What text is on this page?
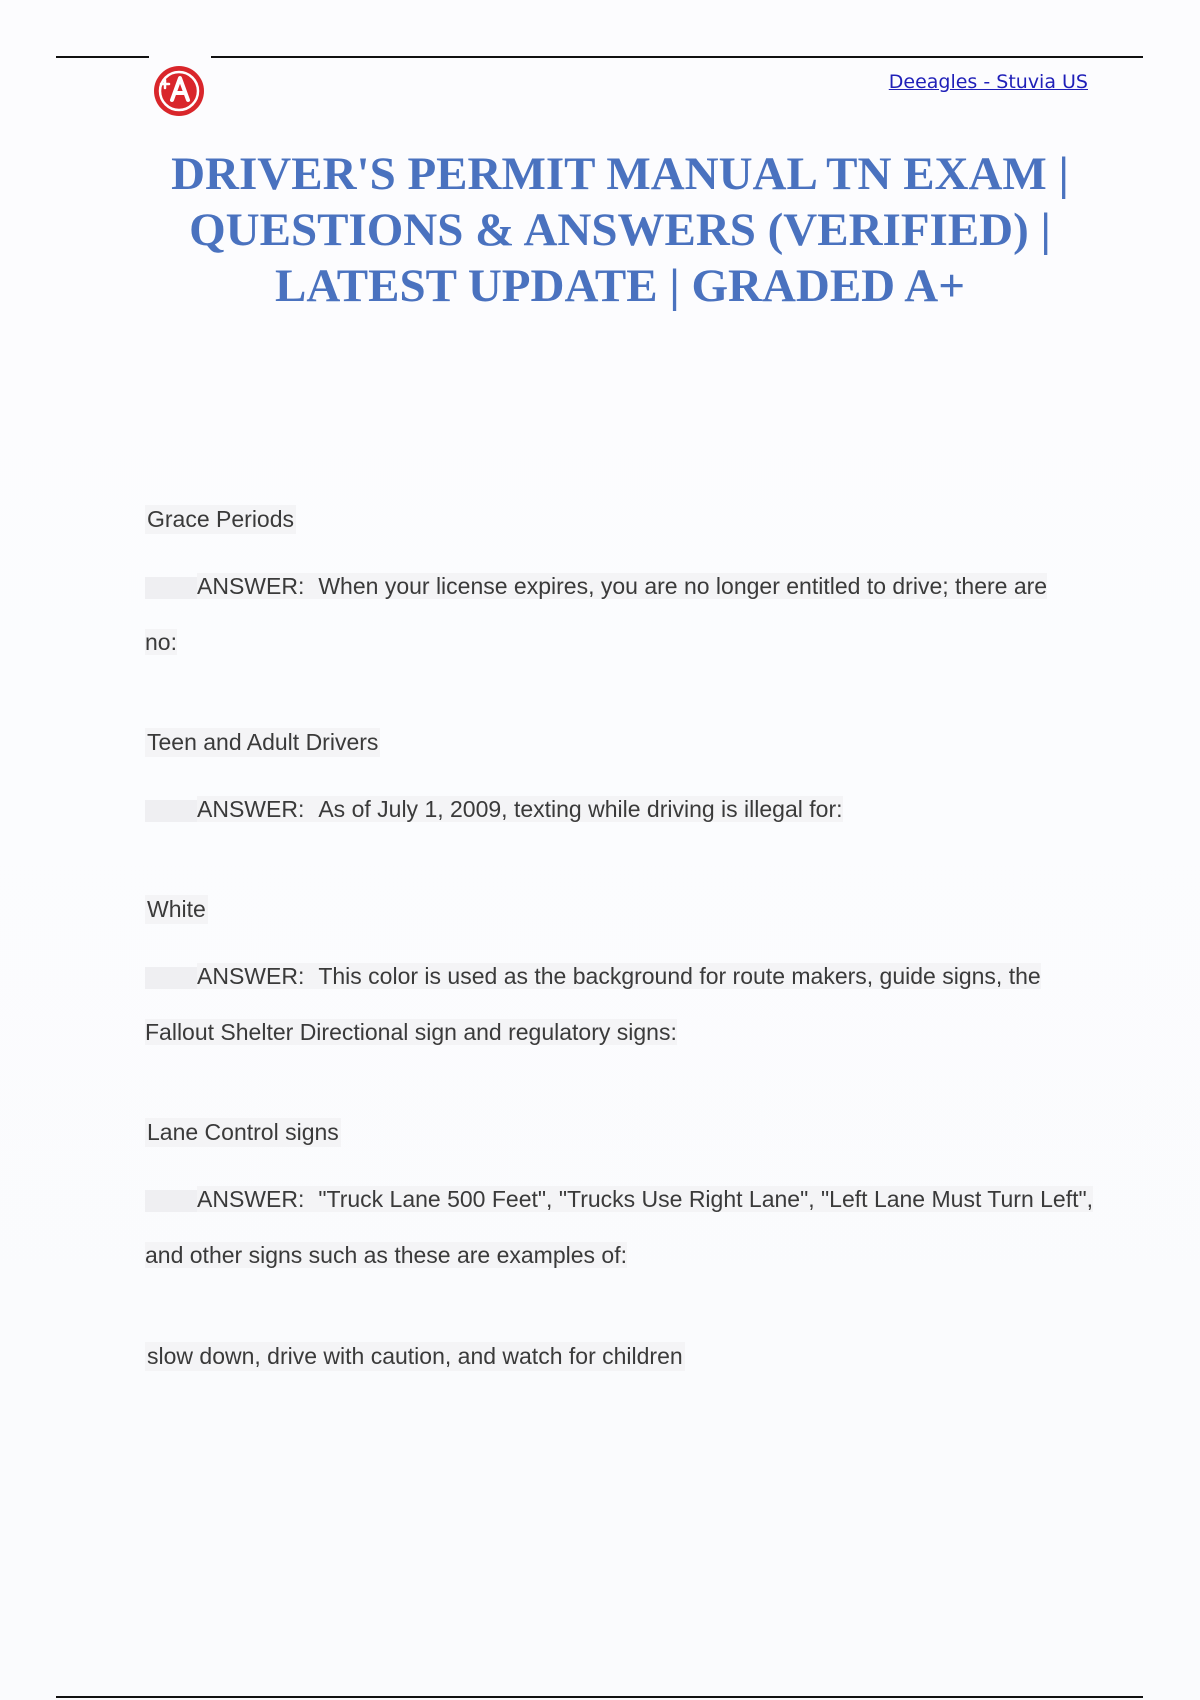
Deeagles - Stuvia US
DRIVER'S PERMIT MANUAL TN EXAM | QUESTIONS & ANSWERS (VERIFIED) | LATEST UPDATE | GRADED A+
Grace Periods
ANSWER: When your license expires, you are no longer entitled to drive; there are no:
Teen and Adult Drivers
ANSWER: As of July 1, 2009, texting while driving is illegal for:
White
ANSWER: This color is used as the background for route makers, guide signs, the Fallout Shelter Directional sign and regulatory signs:
Lane Control signs
ANSWER: "Truck Lane 500 Feet", "Trucks Use Right Lane", "Left Lane Must Turn Left", and other signs such as these are examples of:
slow down, drive with caution, and watch for children
